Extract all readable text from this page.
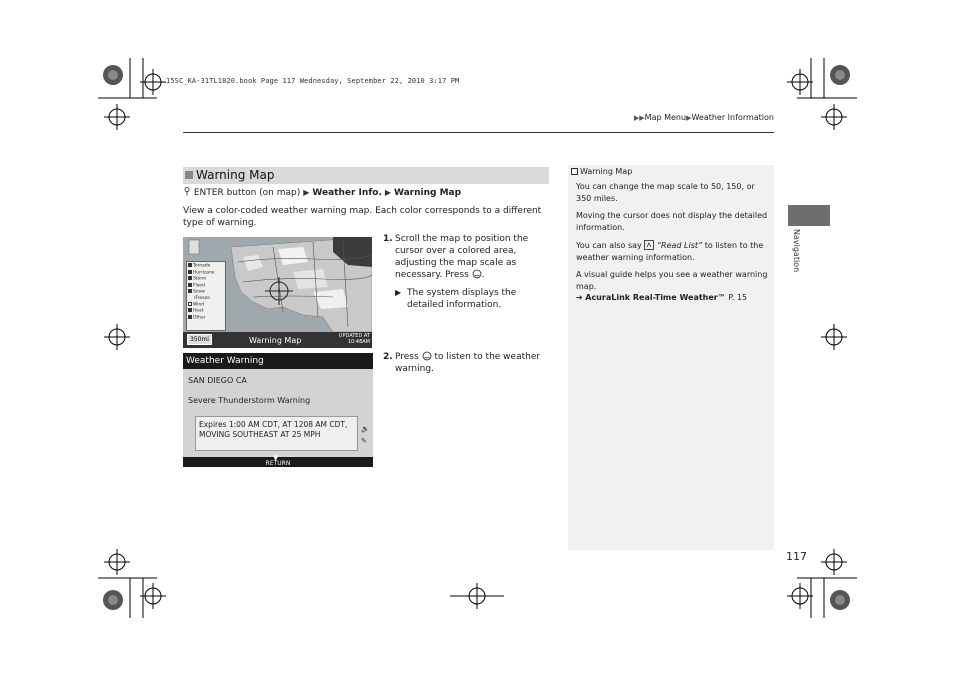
15SC_KA-31TL1820.book Page 117 Wednesday, September 22, 2010 3:17 PM
▶▶Map Menu▶Weather Information
Warning Map
ENTER button (on map) ▶ Weather Info. ▶ Warning Map
View a color-coded weather warning map. Each color corresponds to a different type of warning.
Tornado
Hurricane
Storm
Flood
Snow
/Freeze
Wind
Heat
Other
350mi	Warning Map	UPDATED AT
10:48AM
Weather Warning
SAN DIEGO CA
Severe Thunderstorm Warning
Expires 1:00 AM CDT, AT 1208 AM CDT, MOVING SOUTHEAST AT 25 MPH
🔈
✎
▼
RETURN
1. Scroll the map to position the cursor over a colored area, adjusting the map scale as necessary. Press .
▶ The system displays the detailed information.
2. Press to listen to the weather warning.
Warning Map
You can change the map scale to 50, 150, or 350 miles.
Moving the cursor does not display the detailed information.
You can also say “Read List” to listen to the weather warning information.
A visual guide helps you see a weather warning map.
➔ AcuraLink Real-Time Weather™ P. 15
Navigation
117
